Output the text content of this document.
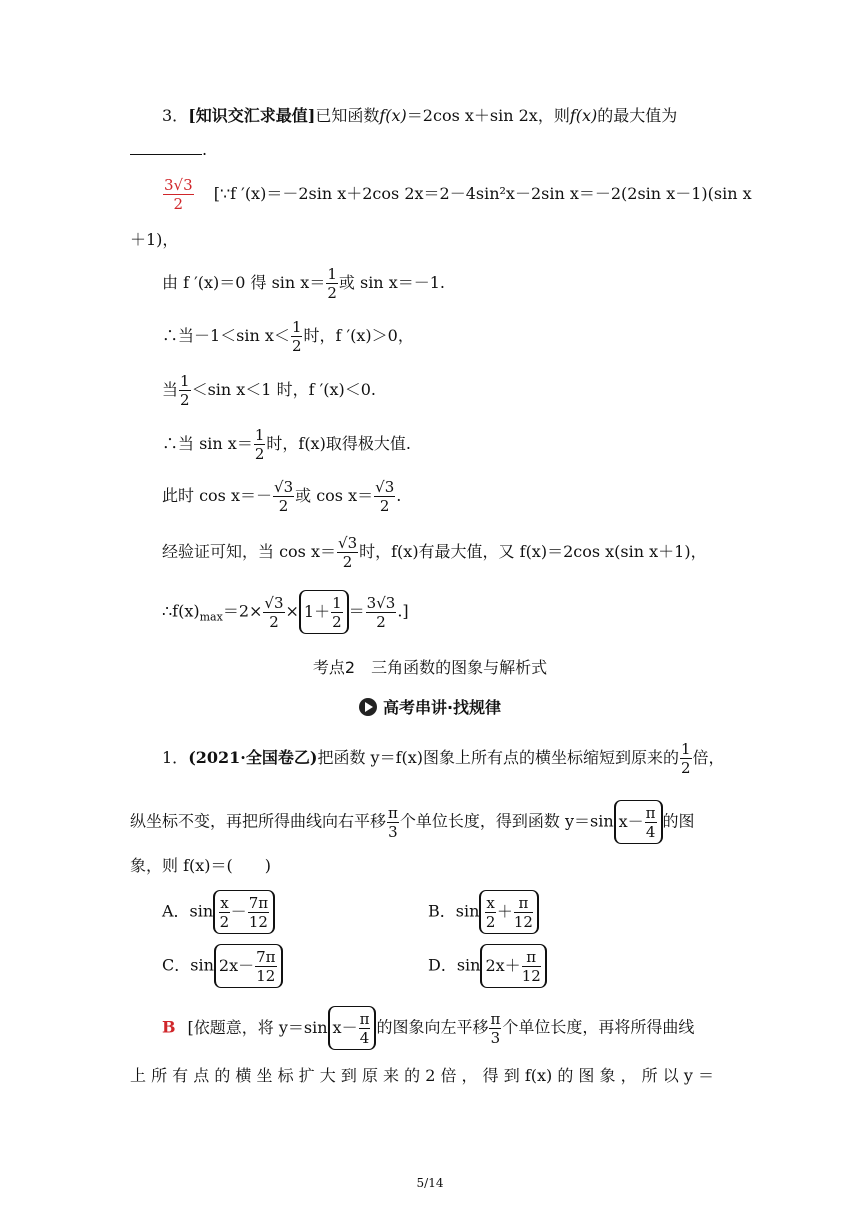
3．[知识交汇求最值]已知函数f(x)＝2cos x＋sin 2x，则f(x)的最大值为
.
$\frac{3√3}{2}$ [∵f ′(x)＝－2sin x＋2cos 2x＝2－4sin²x－2sin x＝－2(2sin x－1)(sin x
＋1)，
由 f ′(x)＝0 得 $\sin x= \frac{1}{2}$ 或 sin x＝－1.
∴当－1＜sin $x< \frac{1}{2}$ 时，f ′(x)＞0，
当 $\frac{1}{2} <\sin$ x＜1 时，f ′(x)＜0.
∴当 $\sin x= \frac{1}{2}$ 时，f(x)取得极大值.
此时 $\cos x=- \frac{√3}{2}$ 或 $\cos x= \frac{√3}{2}$ .
经验证可知，当 $\cos x= \frac{√3}{2}$ 时，f(x)有最大值，又 f(x)＝2cos x(sin x＋1)，
$\therefore f(x)_{max}=2\times \frac{√3}{2} \times 1+ \frac{1}{2} = \frac{3√3}{2}$ .]
考点2　三角函数的图象与解析式
高考串讲·找规律
1．(2021·全国卷乙)把函数 y＝f(x)图象上所有点的横坐标缩短到原来的 $\frac{1}{2}$ 倍，
纵坐标不变，再把所得曲线向右平移 $\frac{\pi}{3}$ 个单位长度，得到函数 y＝sin $x- \frac{\pi}{4}$ 的图
象，则 f(x)＝(　　)
A．$\sin \frac{x}{2} - \frac{7\pi}{12}$	B．$\sin \frac{x}{2} + \frac{\pi}{12}$
C．$\sin 2x- \frac{7\pi}{12}$	D．$\sin 2x+ \frac{\pi}{12}$
B [依题意，将 y＝sin $x- \frac{\pi}{4}$ 的图象向左平移 $\frac{\pi}{3}$ 个单位长度，再将所得曲线
上 所 有 点 的 横 坐 标 扩 大 到 原 来 的 2 倍 ， 得 到 f(x) 的 图 象 ， 所 以 y ＝
5/14
